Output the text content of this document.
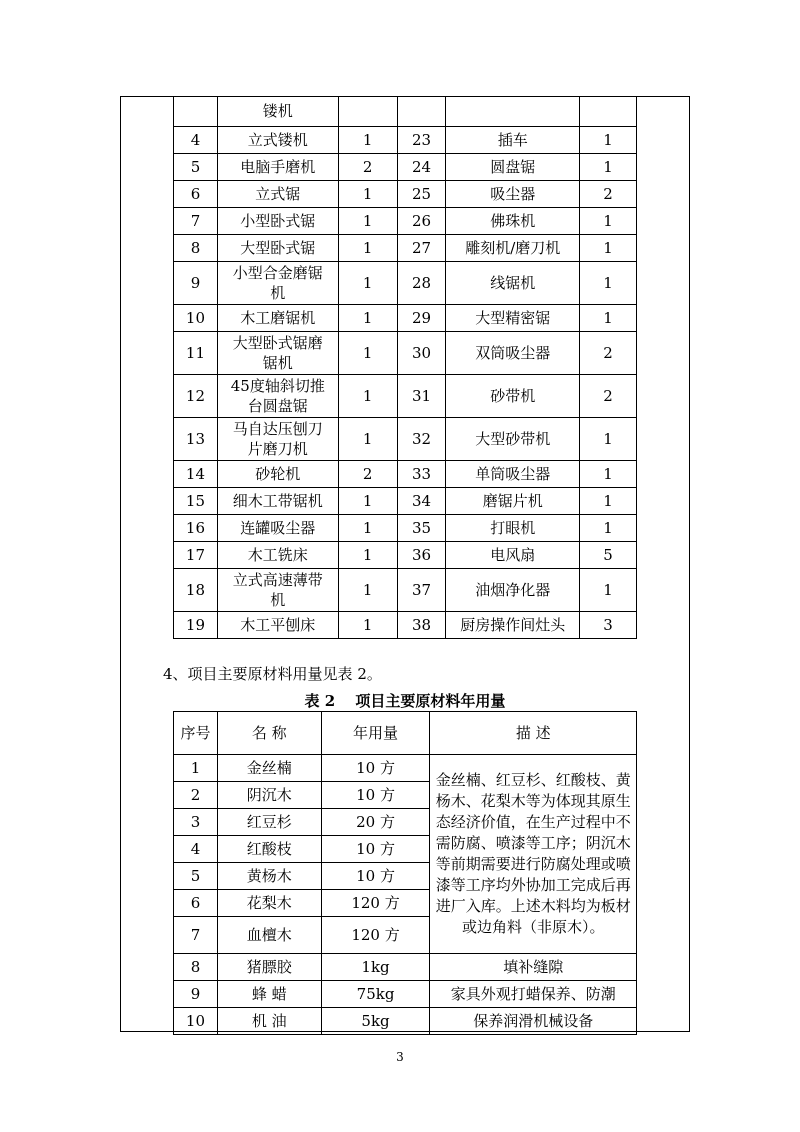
	镂机				
4	立式镂机	1	23	插车	1
5	电脑手磨机	2	24	圆盘锯	1
6	立式锯	1	25	吸尘器	2
7	小型卧式锯	1	26	佛珠机	1
8	大型卧式锯	1	27	雕刻机/磨刀机	1
9	小型合金磨锯机	1	28	线锯机	1
10	木工磨锯机	1	29	大型精密锯	1
11	大型卧式锯磨锯机	1	30	双筒吸尘器	2
12	45度轴斜切推台圆盘锯	1	31	砂带机	2
13	马自达压刨刀片磨刀机	1	32	大型砂带机	1
14	砂轮机	2	33	单筒吸尘器	1
15	细木工带锯机	1	34	磨锯片机	1
16	连罐吸尘器	1	35	打眼机	1
17	木工铣床	1	36	电风扇	5
18	立式高速薄带机	1	37	油烟净化器	1
19	木工平刨床	1	38	厨房操作间灶头	3
4、项目主要原材料用量见表 2。
表 2　 项目主要原材料年用量
序号	名 称	年用量	描 述
1	金丝楠	10 方	金丝楠、红豆杉、红酸枝、黄杨木、花梨木等为体现其原生态经济价值，在生产过程中不需防腐、喷漆等工序；阴沉木等前期需要进行防腐处理或喷漆等工序均外协加工完成后再进厂入库。上述木料均为板材或边角料（非原木）。
2	阴沉木	10 方	
3	红豆杉	20 方	
4	红酸枝	10 方	
5	黄杨木	10 方	
6	花梨木	120 方	
7	血檀木	120 方	
8	猪膘胶	1kg	填补缝隙
9	蜂 蜡	75kg	家具外观打蜡保养、防潮
10	机 油	5kg	保养润滑机械设备
3
